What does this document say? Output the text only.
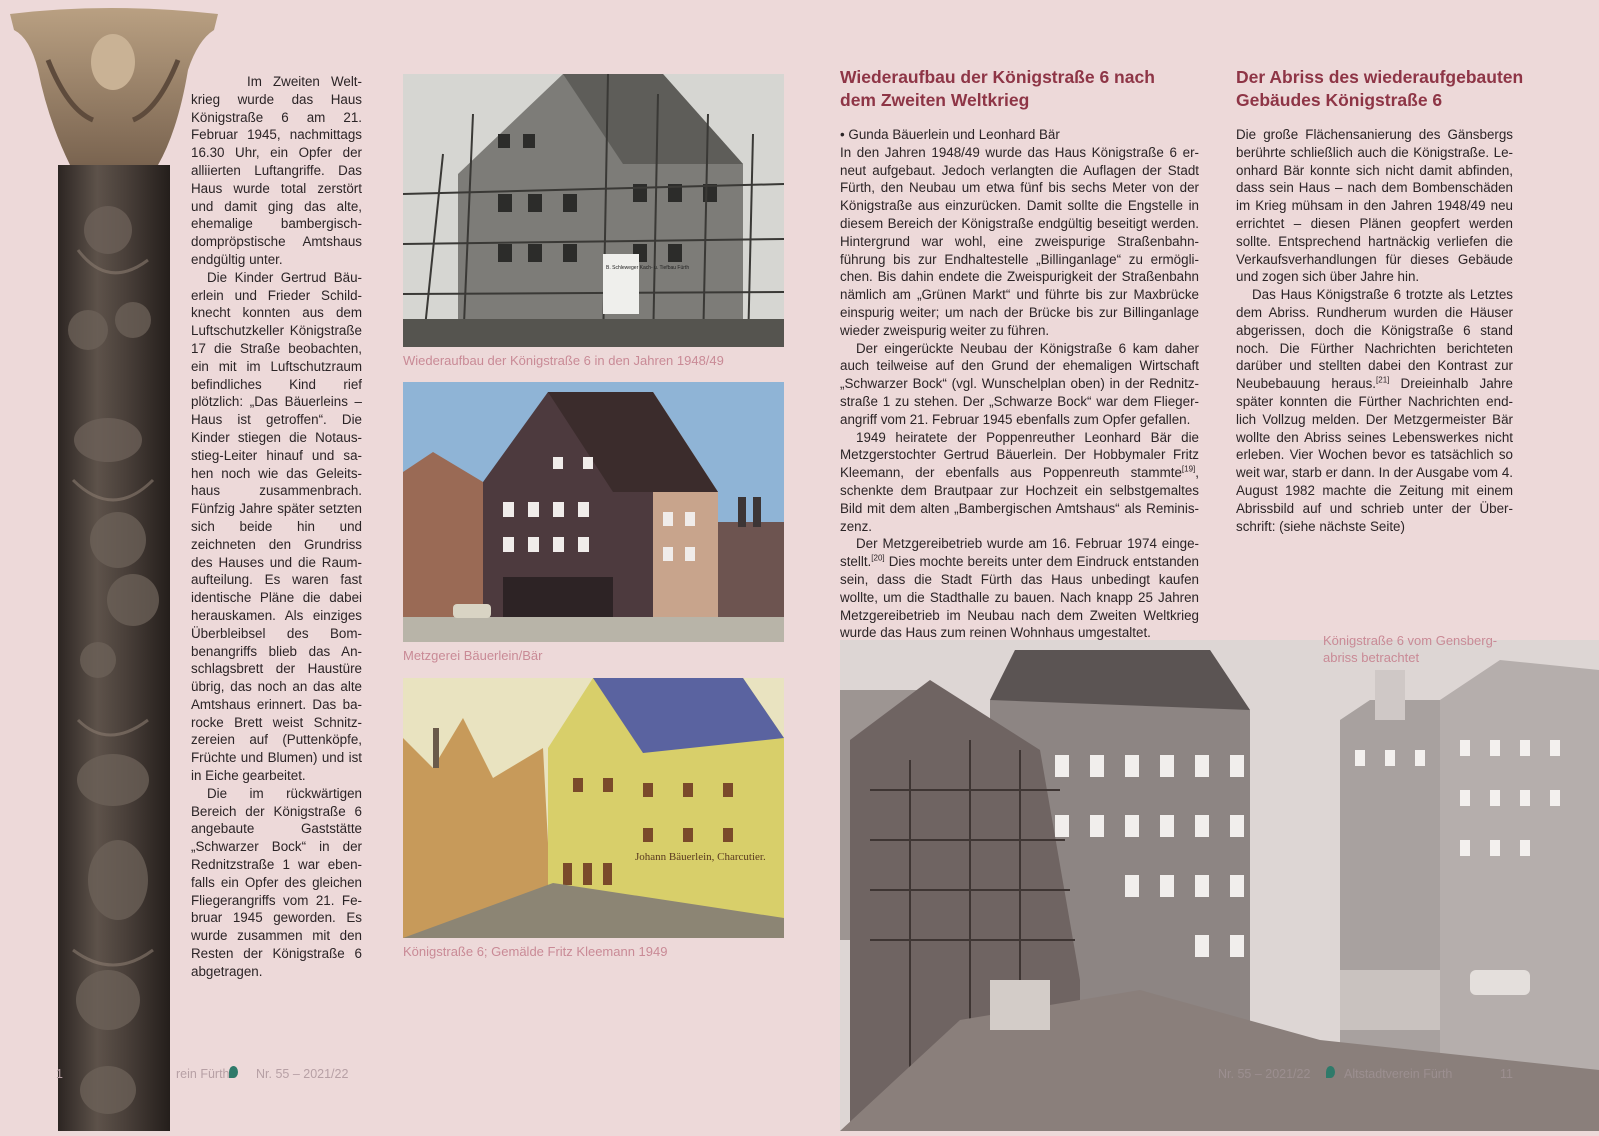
Im Zweiten Weltkrieg wurde das Haus Königstraße 6 am 21. Februar 1945, nachmittags 16.30 Uhr, ein Opfer der alliierten Luftangriffe. Das Haus wurde total zerstört und damit ging das alte, ehemalige bambergisch-domprӧpstische Amtshaus endgültig unter.

Die Kinder Gertrud Bäuerlein und Frieder Schildknecht konnten aus dem Luftschutzkeller Königstraße 17 die Straße beobachten, ein mit im Luftschutzraum befindliches Kind rief plötzlich: „Das Bäuerleins – Haus ist getroffen“. Die Kinder stiegen die Notausstieg-Leiter hinauf und sahen noch wie das Geleitshaus zusammenbrach. Fünfzig Jahre später setzten sich beide hin und zeichneten den Grundriss des Hauses und die Raumaufteilung. Es waren fast identische Pläne die dabei herauskamen. Als einziges Überbleibsel des Bombenangriffs blieb das Anschlagsbrett der Haustüre übrig, das noch an das alte Amtshaus erinnert. Das barocke Brett weist Schnitzzereien auf (Puttenköpfe, Früchte und Blumen) und ist in Eiche gearbeitet.

Die im rückwärtigen Bereich der Königstraße 6 angebaute Gaststätte „Schwarzer Bock“ in der Rednitzstraße 1 war ebenfalls ein Opfer des gleichen Fliegerangriffs vom 21. Februar 1945 geworden. Es wurde zusammen mit den Resten der Königstraße 6 abgetragen.

B. Schleweger Kach- u. Tiefbau Fürth
Wiederaufbau der Königstraße 6 in den Jahren 1948/49
Metzgerei Bäuerlein/Bär
Johann Bäuerlein, Charcutier.
Königstraße 6; Gemälde Fritz Kleemann 1949
Wiederaufbau der Königstraße 6 nach dem Zweiten Weltkrieg

• Gunda Bäuerlein und Leonhard Bär

In den Jahren 1948/49 wurde das Haus Königstraße 6 erneut aufgebaut. Jedoch verlangten die Auflagen der Stadt Fürth, den Neubau um etwa fünf bis sechs Meter von der Königstraße aus einzurücken. Damit sollte die Engstelle in diesem Bereich der Königstraße endgültig beseitigt werden. Hintergrund war wohl, eine zweispurige Straßenbahnführung bis zur Endhaltestelle „Billinganlage“ zu ermöglichen. Bis dahin endete die Zweispurigkeit der Straßenbahn nämlich am „Grünen Markt“ und führte bis zur Maxbrücke einspurig weiter; um nach der Brücke bis zur Billinganlage wieder zweispurig weiter zu führen.

Der eingerückte Neubau der Königstraße 6 kam daher auch teilweise auf den Grund der ehemaligen Wirtschaft „Schwarzer Bock“ (vgl. Wunschelplan oben) in der Rednitzstraße 1 zu stehen. Der „Schwarze Bock“ war dem Fliegerangriff vom 21. Februar 1945 ebenfalls zum Opfer gefallen.

1949 heiratete der Poppenreuther Leonhard Bär die Metzgerstochter Gertrud Bäuerlein. Der Hobbymaler Fritz Kleemann, der ebenfalls aus Poppenreuth stammte[19], schenkte dem Brautpaar zur Hochzeit ein selbstgemaltes Bild mit dem alten „Bambergischen Amtshaus“ als Reminiszenz.

Der Metzgereibetrieb wurde am 16. Februar 1974 eingestellt.[20] Dies mochte bereits unter dem Eindruck entstanden sein, dass die Stadt Fürth das Haus unbedingt kaufen wollte, um die Stadthalle zu bauen. Nach knapp 25 Jahren Metzgereibetrieb im Neubau nach dem Zweiten Weltkrieg wurde das Haus zum reinen Wohnhaus umgestaltet.

Der Abriss des wiederaufgebauten Gebäudes Königstraße 6

Die große Flächensanierung des Gänsbergs berührte schließlich auch die Königstraße. Leonhard Bär konnte sich nicht damit abfinden, dass sein Haus – nach dem Bombenschäden im Krieg mühsam in den Jahren 1948/49 neu errichtet – diesen Plänen geopfert werden sollte. Entsprechend hartnäckig verliefen die Verkaufsverhandlungen für dieses Gebäude und zogen sich über Jahre hin.

Das Haus Königstraße 6 trotzte als Letztes dem Abriss. Rundherum wurden die Häuser abgerissen, doch die Königstraße 6 stand noch. Die Fürther Nachrichten berichteten darüber und stellten dabei den Kontrast zur Neubebauung heraus.[21] Dreieinhalb Jahre später konnten die Fürther Nachrichten endlich Vollzug melden. Der Metzgermeister Bär wollte den Abriss seines Lebenswerkes nicht erleben. Vier Wochen bevor es tatsächlich so weit war, starb er dann. In der Ausgabe vom 4. August 1982 machte die Zeitung mit einem Abrissbild auf und schrieb unter der Überschrift: (siehe nächste Seite)

Königstraße 6 vom Gensberg-abriss betrachtet
1	rein Fürth Nr. 55 – 2021/22	Nr. 55 – 2021/22	Altstadtverein Fürth	11
